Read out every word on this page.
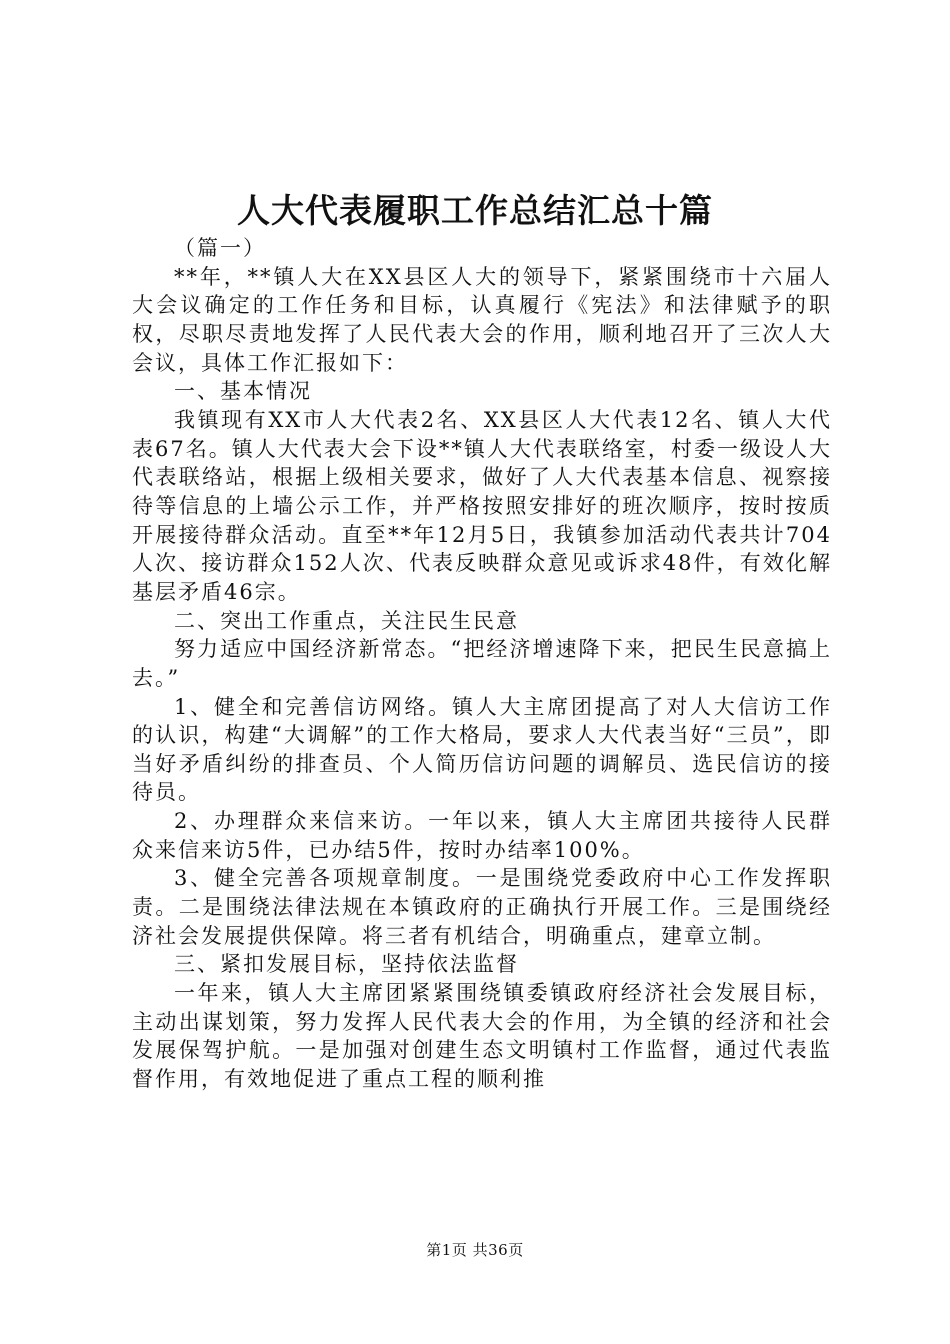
人大代表履职工作总结汇总十篇

（篇一）

**年，**镇人大在XX县区人大的领导下，紧紧围绕市十六届人大会议确定的工作任务和目标，认真履行《宪法》和法律赋予的职权，尽职尽责地发挥了人民代表大会的作用，顺利地召开了三次人大会议，具体工作汇报如下：

一、基本情况

我镇现有XX市人大代表2名、XX县区人大代表12名、镇人大代表67名。镇人大代表大会下设**镇人大代表联络室，村委一级设人大代表联络站，根据上级相关要求，做好了人大代表基本信息、视察接待等信息的上墙公示工作，并严格按照安排好的班次顺序，按时按质开展接待群众活动。直至**年12月5日，我镇参加活动代表共计704人次、接访群众152人次、代表反映群众意见或诉求48件，有效化解基层矛盾46宗。

二、突出工作重点，关注民生民意

努力适应中国经济新常态。“把经济增速降下来，把民生民意搞上去。”

1、健全和完善信访网络。镇人大主席团提高了对人大信访工作的认识，构建“大调解”的工作大格局，要求人大代表当好“三员”，即当好矛盾纠纷的排查员、个人简历信访问题的调解员、选民信访的接待员。

2、办理群众来信来访。一年以来，镇人大主席团共接待人民群众来信来访5件，已办结5件，按时办结率100%。

3、健全完善各项规章制度。一是围绕党委政府中心工作发挥职责。二是围绕法律法规在本镇政府的正确执行开展工作。三是围绕经济社会发展提供保障。将三者有机结合，明确重点，建章立制。

三、紧扣发展目标，坚持依法监督

一年来，镇人大主席团紧紧围绕镇委镇政府经济社会发展目标，主动出谋划策，努力发挥人民代表大会的作用，为全镇的经济和社会发展保驾护航。一是加强对创建生态文明镇村工作监督，通过代表监督作用，有效地促进了重点工程的顺利推

第1页 共36页
